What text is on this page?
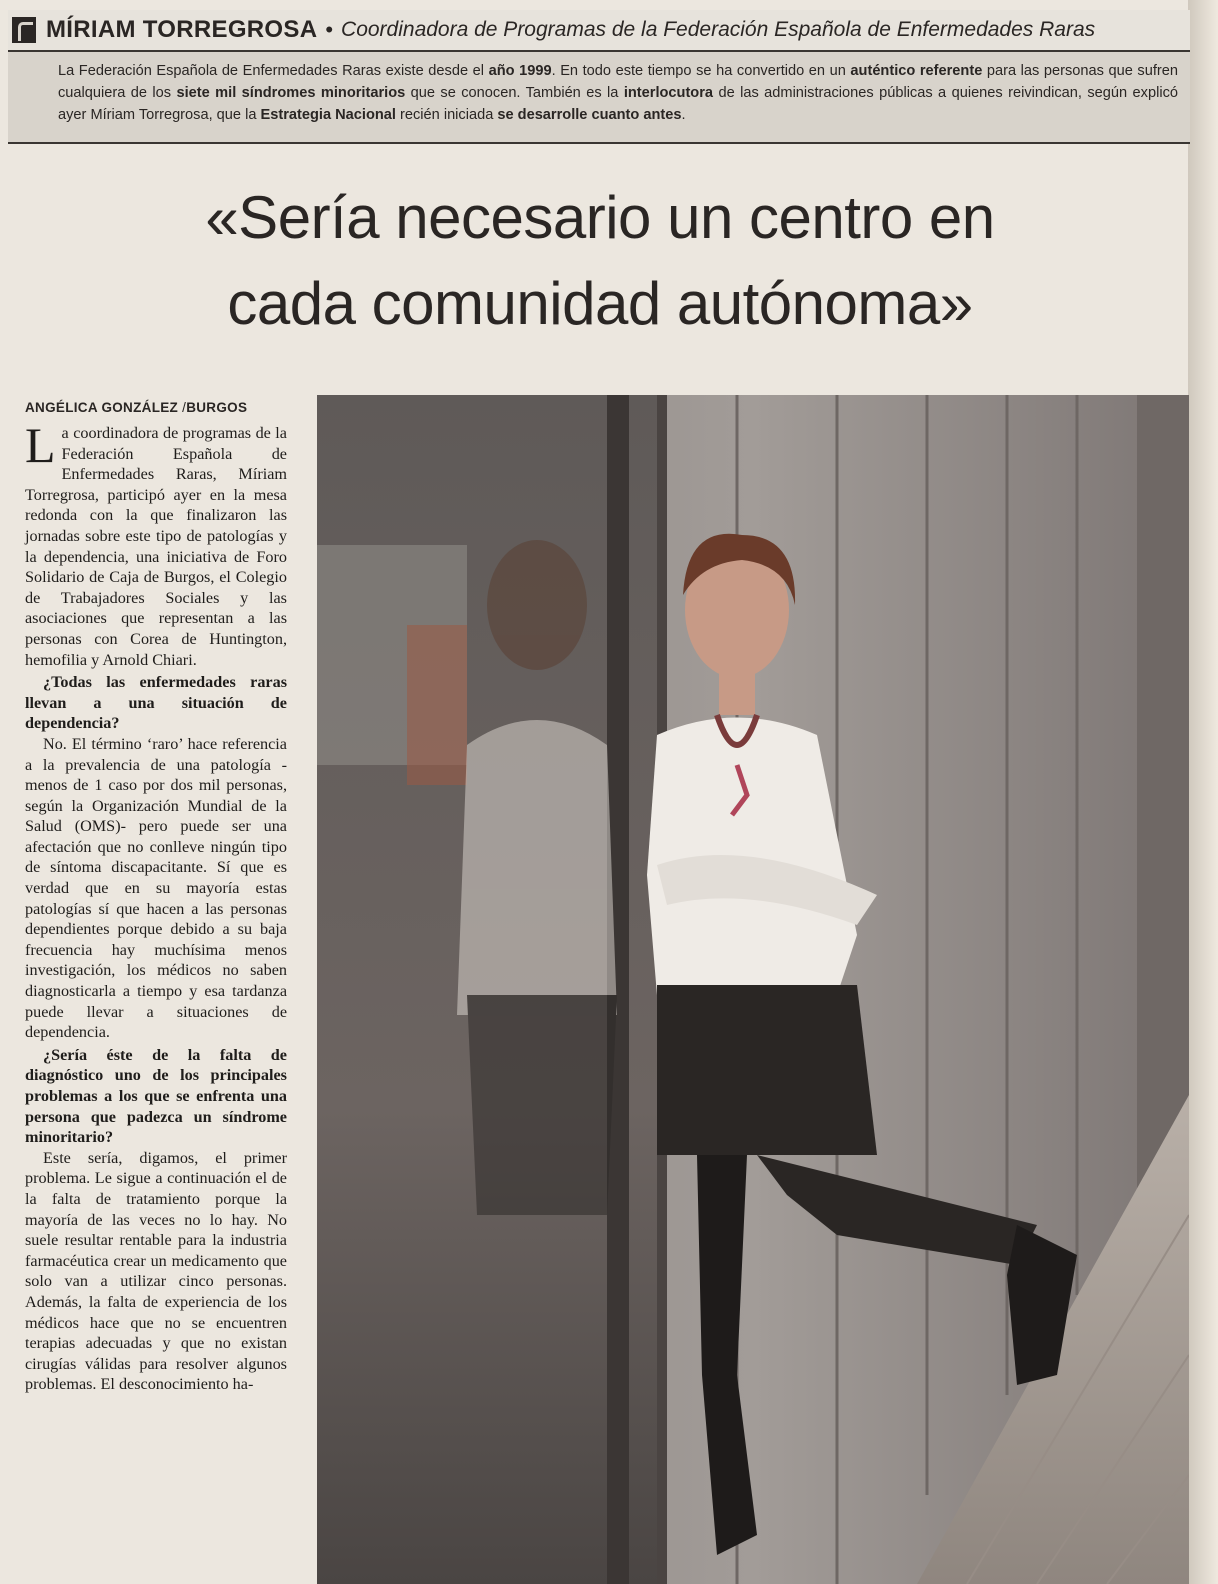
MÍRIAM TORREGROSA • Coordinadora de Programas de la Federación Española de Enfermedades Raras
La Federación Española de Enfermedades Raras existe desde el año 1999. En todo este tiempo se ha convertido en un auténtico referente para las personas que sufren cualquiera de los siete mil síndromes minoritarios que se conocen. También es la interlocutora de las administraciones públicas a quienes reivindican, según explicó ayer Míriam Torregrosa, que la Estrategia Nacional recién iniciada se desarrolle cuanto antes.
«Sería necesario un centro en
cada comunidad autónoma»
ANGÉLICA GONZÁLEZ /BURGOS

La coordinadora de programas de la Federación Española de Enfermedades Raras, Míriam Torregrosa, participó ayer en la mesa redonda con la que finalizaron las jornadas sobre este tipo de patologías y la dependencia, una iniciativa de Foro Solidario de Caja de Burgos, el Colegio de Trabajadores Sociales y las asociaciones que representan a las personas con Corea de Huntington, hemofilia y Arnold Chiari.

¿Todas las enfermedades raras llevan a una situación de dependencia?

No. El término ‘raro’ hace referencia a la prevalencia de una patología -menos de 1 caso por dos mil personas, según la Organización Mundial de la Salud (OMS)- pero puede ser una afectación que no conlleve ningún tipo de síntoma discapacitante. Sí que es verdad que en su mayoría estas patologías sí que hacen a las personas dependientes porque debido a su baja frecuencia hay muchísima menos investigación, los médicos no saben diagnosticarla a tiempo y esa tardanza puede llevar a situaciones de dependencia.

¿Sería éste de la falta de diagnóstico uno de los principales problemas a los que se enfrenta una persona que padezca un síndrome minoritario?

Este sería, digamos, el primer problema. Le sigue a continuación el de la falta de tratamiento porque la mayoría de las veces no lo hay. No suele resultar rentable para la industria farmacéutica crear un medicamento que solo van a utilizar cinco personas. Además, la falta de experiencia de los médicos hace que no se encuentren terapias adecuadas y que no existan cirugías válidas para resolver algunos problemas. El desconocimiento ha-
